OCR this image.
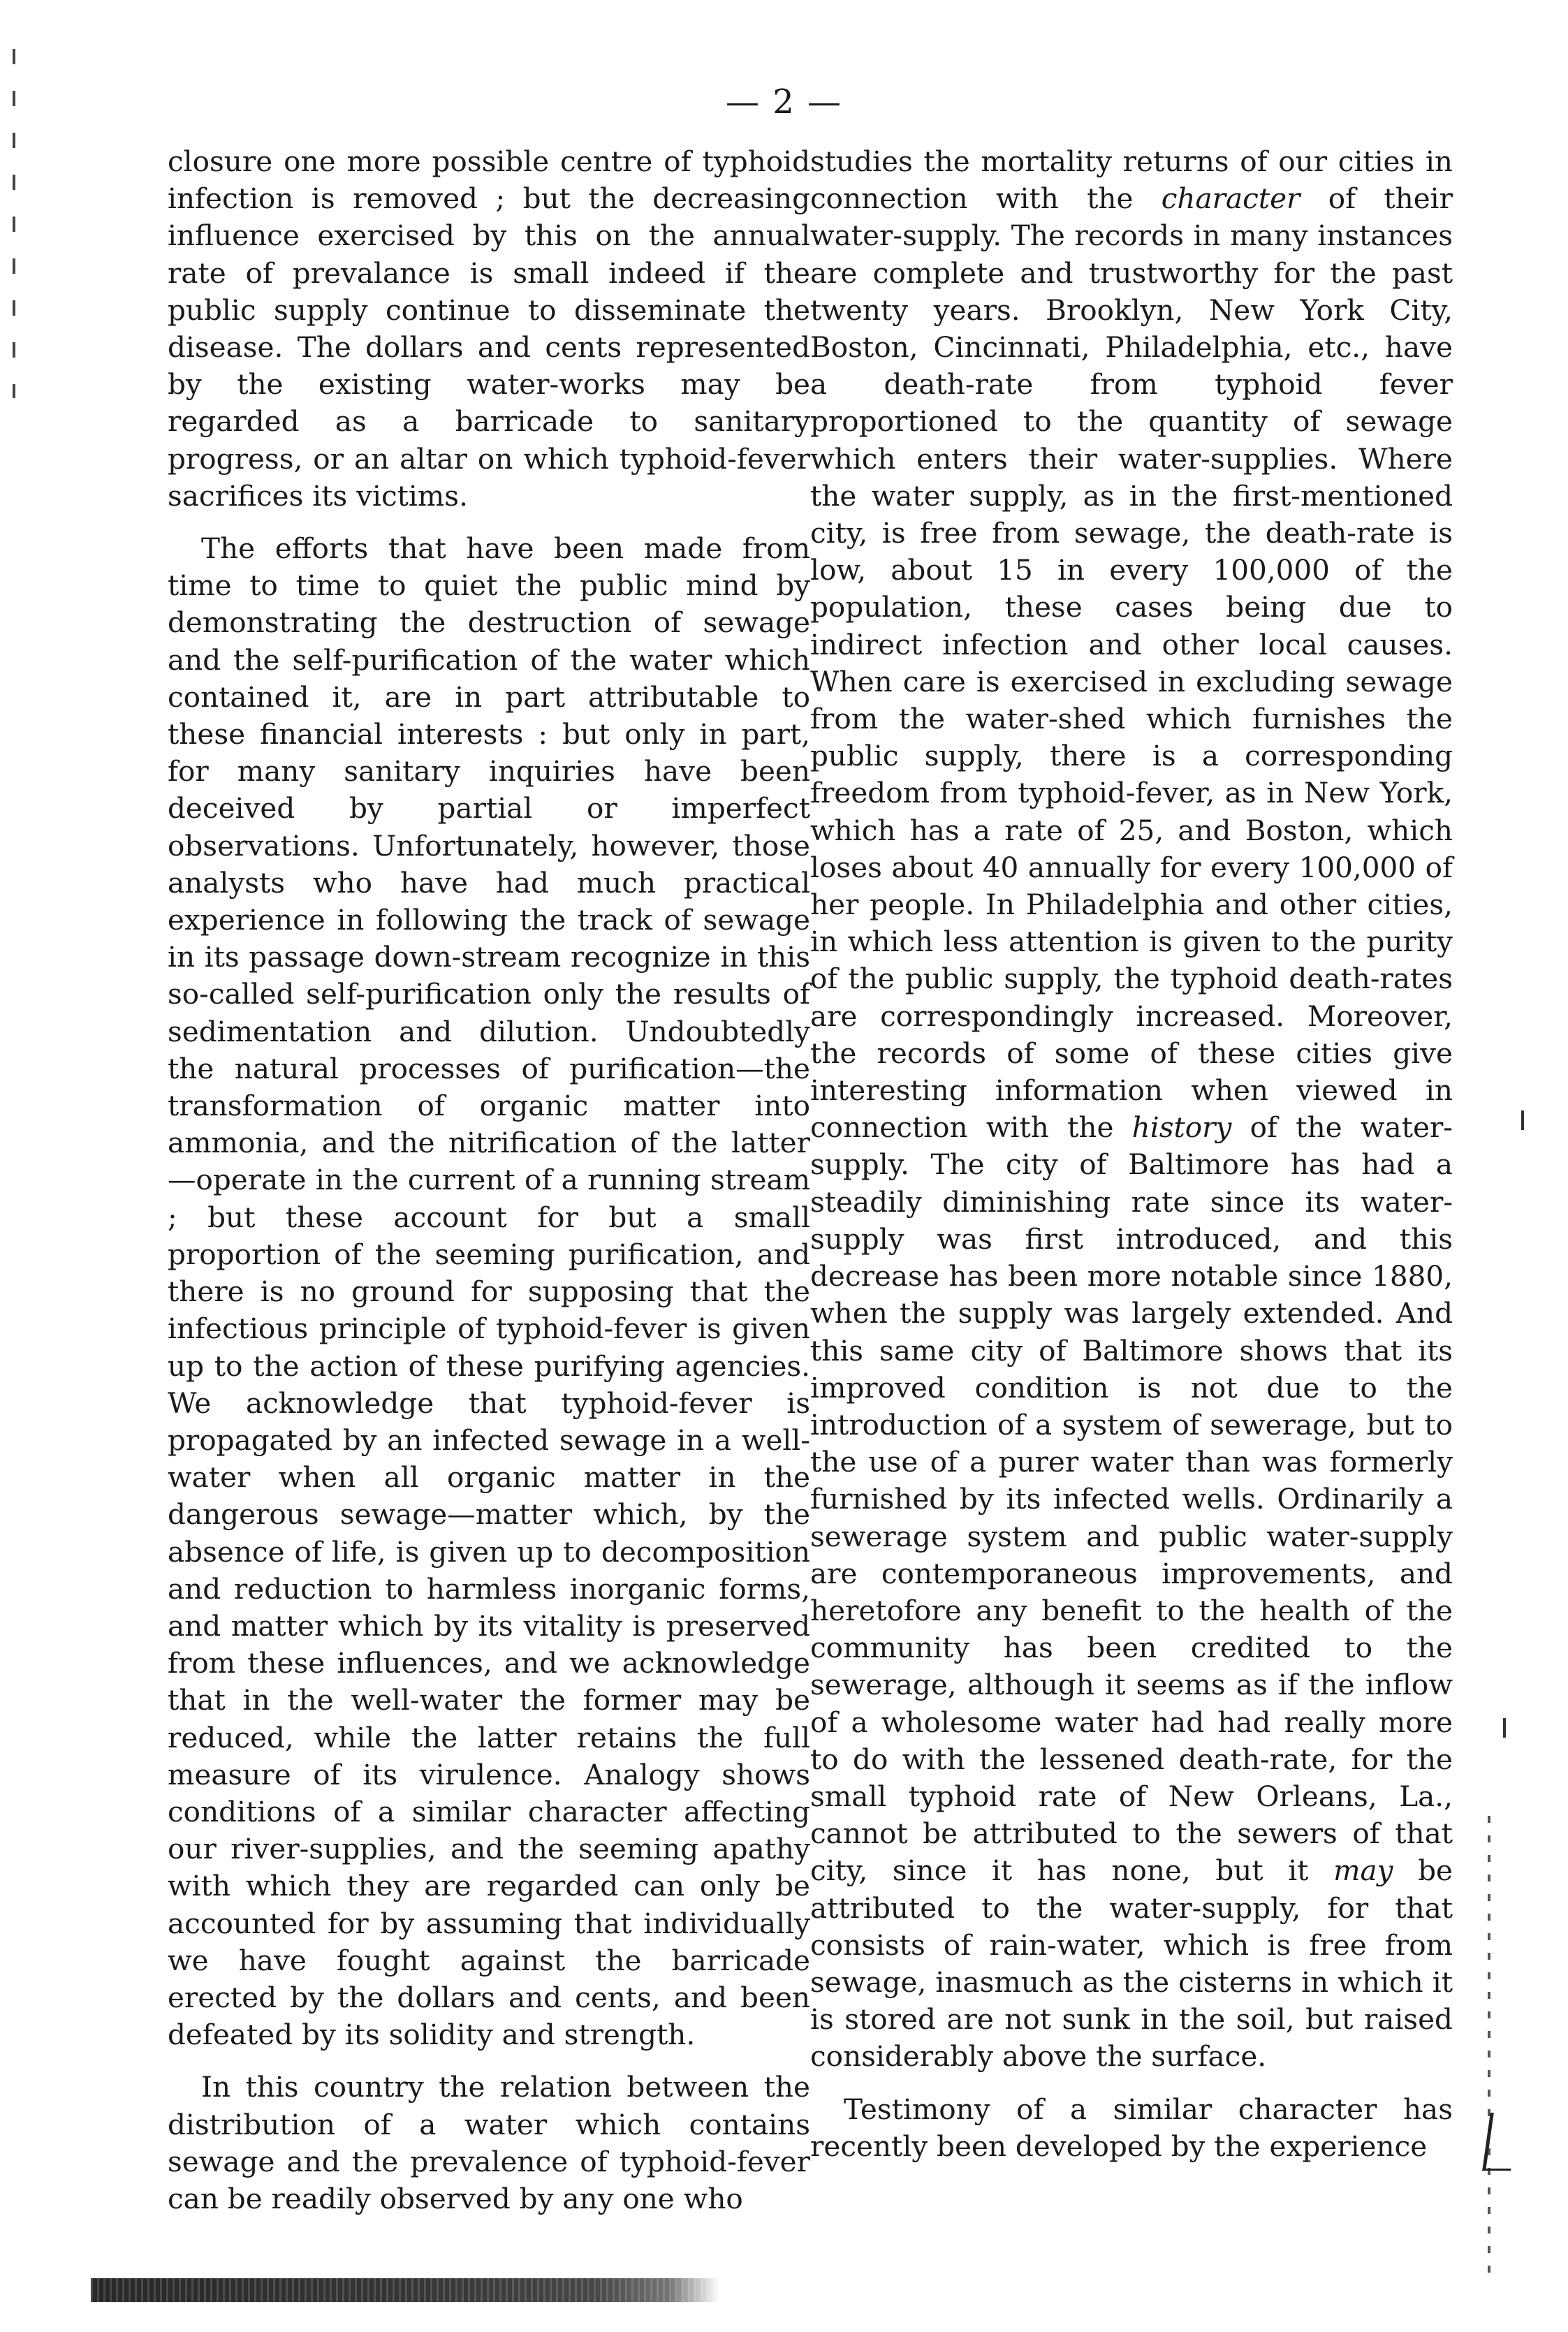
— 2 —

closure one more possible centre of typhoid infection is removed ; but the decreasing influence exercised by this on the annual rate of prevalance is small indeed if the public supply continue to disseminate the disease. The dollars and cents represented by the existing water-works may be regarded as a barricade to sanitary progress, or an altar on which typhoid-fever sacrifices its victims.

The efforts that have been made from time to time to quiet the public mind by demonstrating the destruction of sewage and the self-purification of the water which contained it, are in part attributable to these financial interests : but only in part, for many sanitary inquiries have been deceived by partial or imperfect observations. Unfortunately, however, those analysts who have had much practical experience in following the track of sewage in its passage down-stream recognize in this so-called self-purification only the results of sedimentation and dilution. Undoubtedly the natural processes of purification—the transformation of organic matter into ammonia, and the nitrification of the latter—operate in the current of a running stream ; but these account for but a small proportion of the seeming purification, and there is no ground for supposing that the infectious principle of typhoid-fever is given up to the action of these purifying agencies. We acknowledge that typhoid-fever is propagated by an infected sewage in a well-water when all organic matter in the dangerous sewage—matter which, by the absence of life, is given up to decomposition and reduction to harmless inorganic forms, and matter which by its vitality is preserved from these influences, and we acknowledge that in the well-water the former may be reduced, while the latter retains the full measure of its virulence. Analogy shows conditions of a similar character affecting our river-supplies, and the seeming apathy with which they are regarded can only be accounted for by assuming that individually we have fought against the barricade erected by the dollars and cents, and been defeated by its solidity and strength.

In this country the relation between the distribution of a water which contains sewage and the prevalence of typhoid-fever can be readily observed by any one who

studies the mortality returns of our cities in connection with the character of their water-supply. The records in many instances are complete and trustworthy for the past twenty years. Brooklyn, New York City, Boston, Cincinnati, Philadelphia, etc., have a death-rate from typhoid fever proportioned to the quantity of sewage which enters their water-supplies. Where the water supply, as in the first-mentioned city, is free from sewage, the death-rate is low, about 15 in every 100,000 of the population, these cases being due to indirect infection and other local causes. When care is exercised in excluding sewage from the water-shed which furnishes the public supply, there is a corresponding freedom from typhoid-fever, as in New York, which has a rate of 25, and Boston, which loses about 40 annually for every 100,000 of her people. In Philadelphia and other cities, in which less attention is given to the purity of the public supply, the typhoid death-rates are correspondingly increased. Moreover, the records of some of these cities give interesting information when viewed in connection with the history of the water-supply. The city of Baltimore has had a steadily diminishing rate since its water-supply was first introduced, and this decrease has been more notable since 1880, when the supply was largely extended. And this same city of Baltimore shows that its improved condition is not due to the introduction of a system of sewerage, but to the use of a purer water than was formerly furnished by its infected wells. Ordinarily a sewerage system and public water-supply are contemporaneous improvements, and heretofore any benefit to the health of the community has been credited to the sewerage, although it seems as if the inflow of a wholesome water had had really more to do with the lessened death-rate, for the small typhoid rate of New Orleans, La., cannot be attributed to the sewers of that city, since it has none, but it may be attributed to the water-supply, for that consists of rain-water, which is free from sewage, inasmuch as the cisterns in which it is stored are not sunk in the soil, but raised considerably above the surface.

Testimony of a similar character has recently been developed by the experience
